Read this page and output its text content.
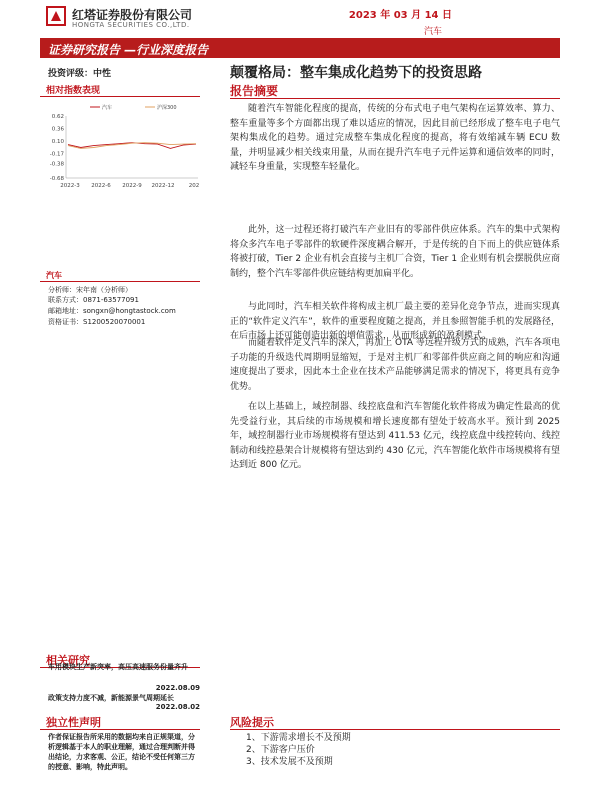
红塔证券股份有限公司
HONGTA SECURITIES CO.,LTD.
2023 年 03 月 14 日
汽车
证券研究报告 —行业深度报告
投资评级：中性
相对指数表现
0.62
0.36
0.10
-0.17
-0.38
-0.68
2022-3 2022-6 2022-9 2022-12	202
汽车	沪深300
汽车
分析师：宋年南（分析师）
联系方式：0871-63577091
邮箱地址：songxn@hongtastock.com
资格证书：S1200520070001
颠覆格局：整车集成化趋势下的投资思路
报告摘要
随着汽车智能化程度的提高，传统的分布式电子电气架构在运算效率、算力、整车重量等多个方面都出现了难以适应的情况，因此目前已经形成了整车电子电气架构集成化的趋势。通过完成整车集成化程度的提高，将有效缩减车辆 ECU 数量，并明显减少相关线束用量，从而在提升汽车电子元件运算和通信效率的同时，减轻车身重量，实现整车轻量化。
此外，这一过程还将打破汽车产业旧有的零部件供应体系。汽车的集中式架构将众多汽车电子零部件的软硬件深度耦合解开，于是传统的自下而上的供应链体系将被打破，Tier 2 企业有机会直接与主机厂合资，Tier 1 企业则有机会摆脱供应商制约，整个汽车零部件供应链结构更加扁平化。
与此同时，汽车相关软件将构成主机厂最主要的差异化竞争节点，进而实现真正的“软件定义汽车”，软件的重要程度随之提高，并且参照智能手机的发展路径，在后市场上还可能创造出新的增值需求，从而形成新的盈利模式。
而随着软件定义汽车的深入，再加上 OTA 等远程升级方式的成熟，汽车各项电子功能的升级迭代周期明显缩短，于是对主机厂和零部件供应商之间的响应和沟通速度提出了要求，因此本土企业在技术产品能够满足需求的情况下，将更具有竞争优势。
在以上基础上，域控制器、线控底盘和汽车智能化软件将成为确定性最高的优先受益行业，其后续的市场规模和增长速度都有望处于较高水平。预计到 2025 年，域控制器行业市场规模将有望达到 411.53 亿元，线控底盘中线控转向、线控制动和线控悬架合计规模将有望达到约 430 亿元，汽车智能化软件市场规模将有望达到近 800 亿元。
相关研究
车用模块生产新突率，高压高速服务份量齐升
2022.08.09
政策支持力度不减，新能源景气周期延长
2022.08.02
独立性声明
作者保证报告所采用的数据均来自正规渠道，分析逻辑基于本人的职业理解，通过合理判断并得出结论，力求客观、公正，结论不受任何第三方的授意、影响，特此声明。
风险提示
1、下游需求增长不及预期
2、下游客户压价
3、技术发展不及预期
